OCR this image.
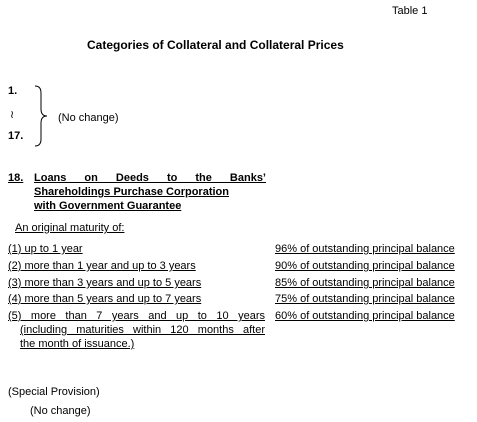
Table 1
Categories of Collateral and Collateral Prices
1.
≀
17.
(No change)
18. Loans on Deeds to the Banks’
Shareholdings Purchase Corporation
with Government Guarantee
An original maturity of:
(1) up to 1 year	96% of outstanding principal balance
(2) more than 1 year and up to 3 years	90% of outstanding principal balance
(3) more than 3 years and up to 5 years	85% of outstanding principal balance
(4) more than 5 years and up to 7 years	75% of outstanding principal balance
(5) more than 7 years and up to 10 years 60% of outstanding principal balance
(including maturities within 120 months after
the month of issuance.)
(Special Provision)
(No change)
